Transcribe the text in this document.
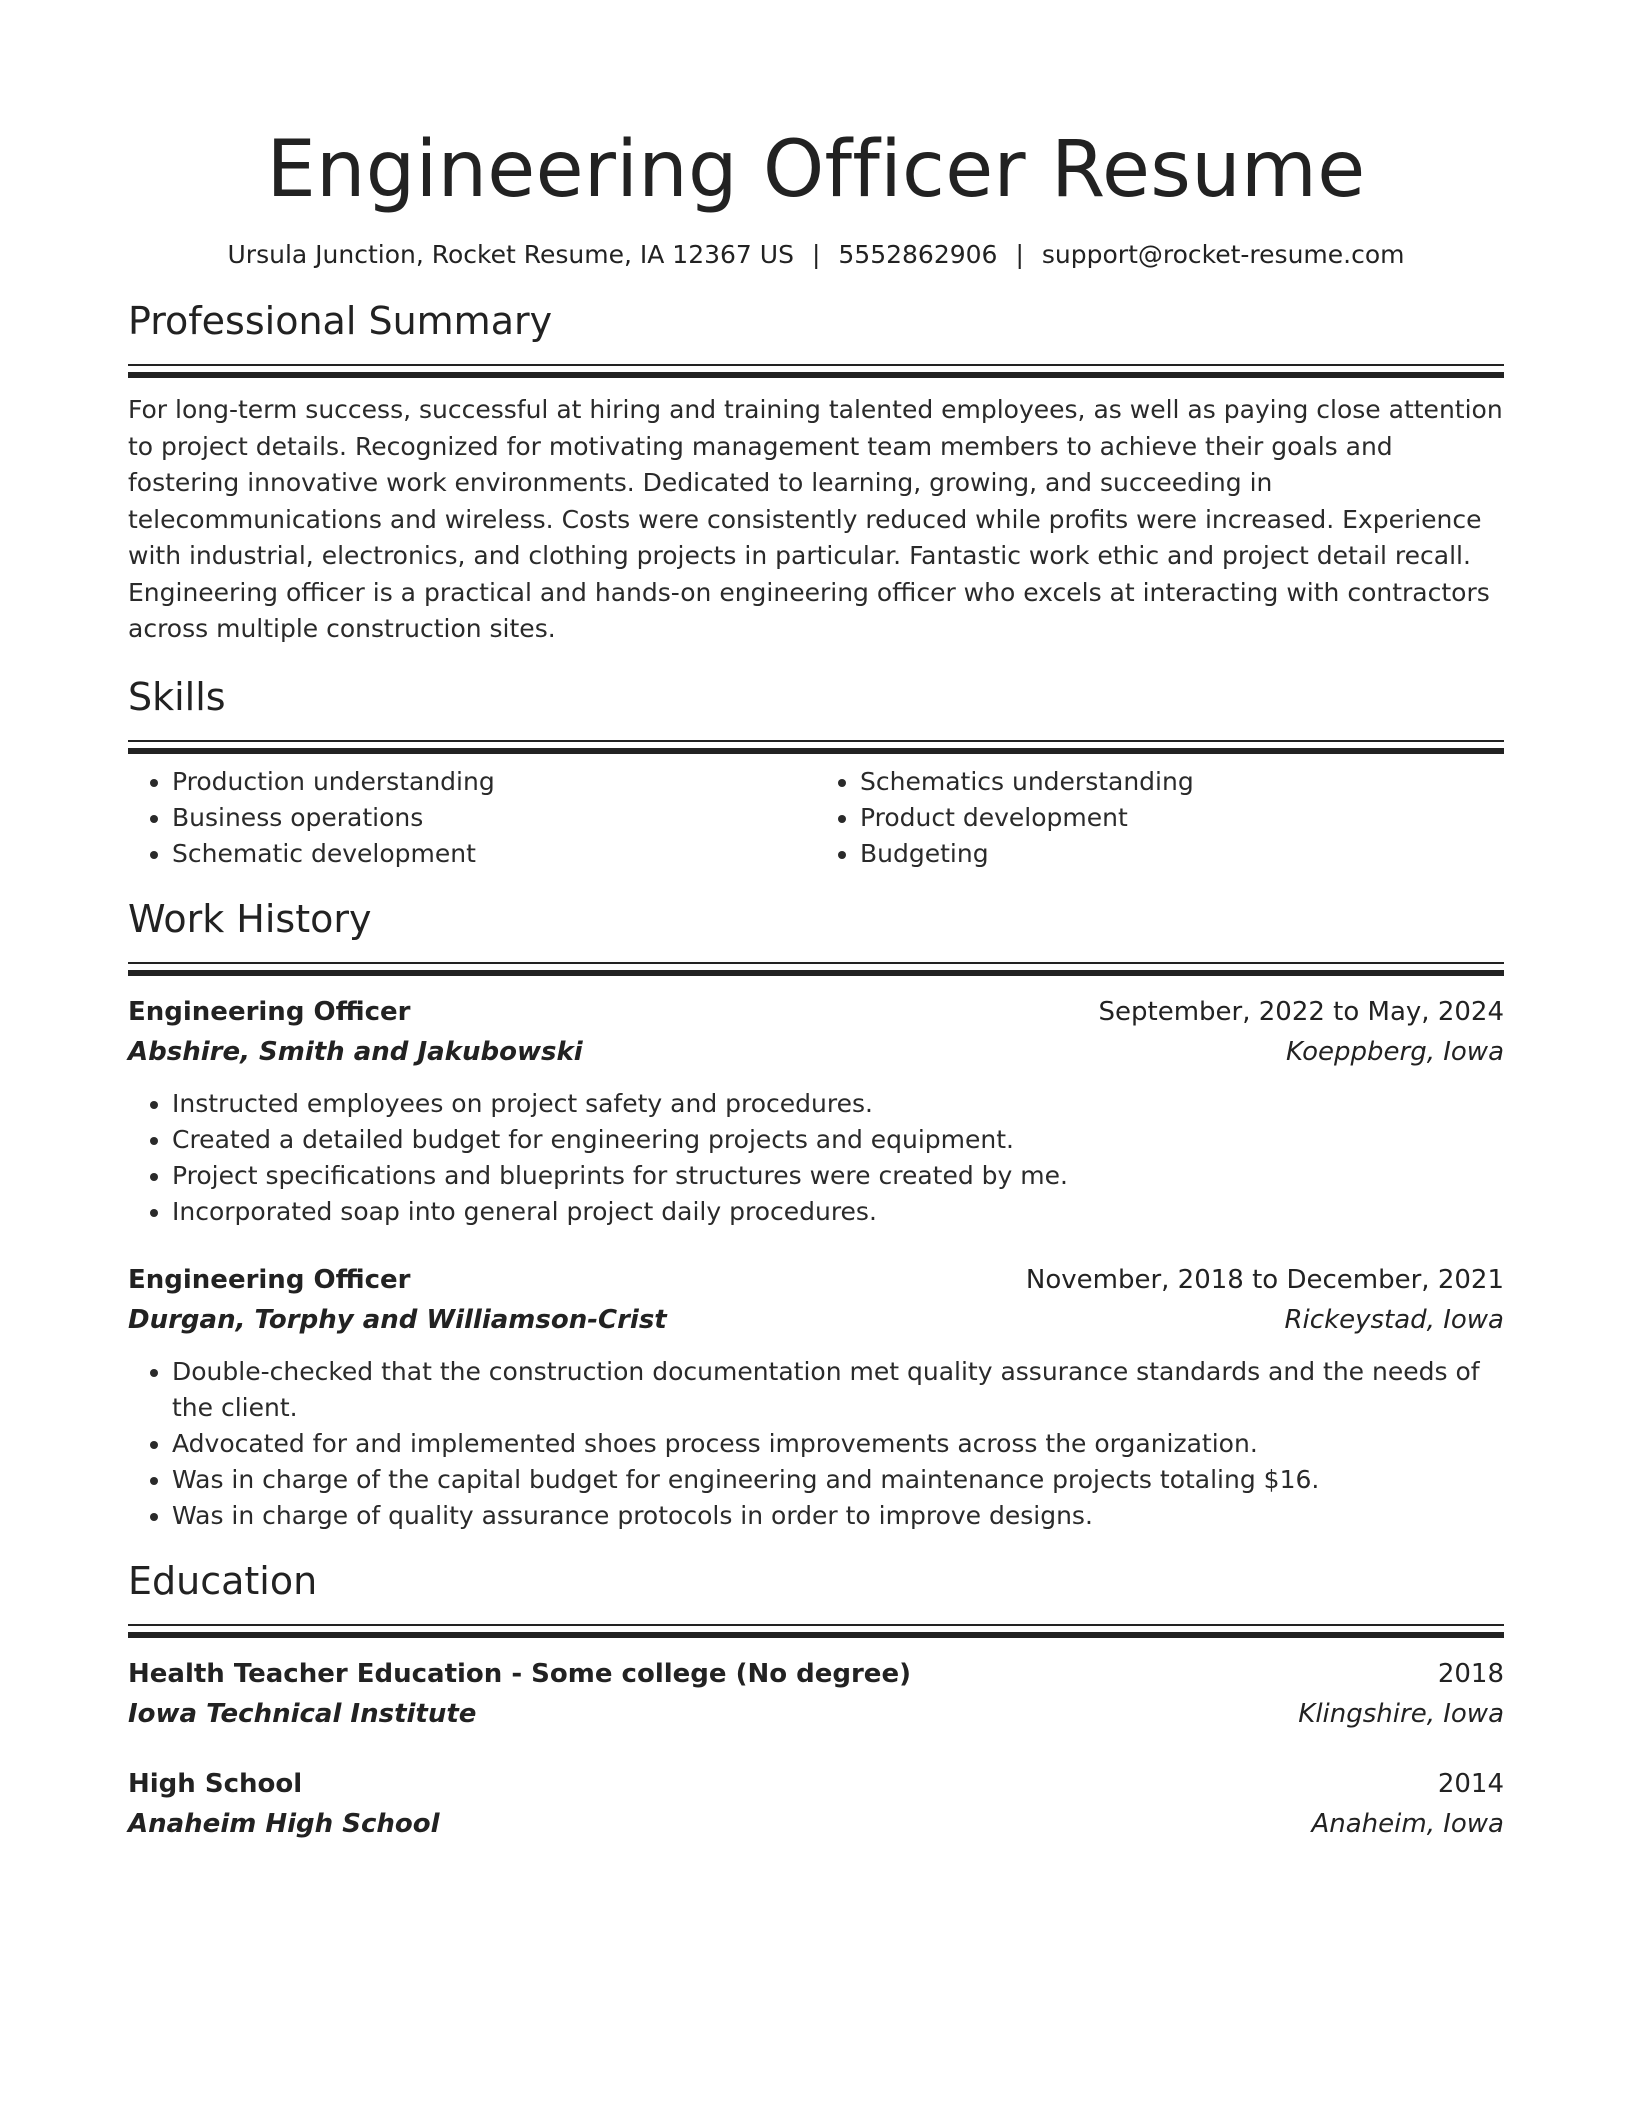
Engineering Officer Resume
Ursula Junction, Rocket Resume, IA 12367 US | 5552862906 | support@rocket-resume.com
Professional Summary

For long-term success, successful at hiring and training talented employees, as well as paying close attention to project details. Recognized for motivating management team members to achieve their goals and fostering innovative work environments. Dedicated to learning, growing, and succeeding in telecommunications and wireless. Costs were consistently reduced while profits were increased. Experience with industrial, electronics, and clothing projects in particular. Fantastic work ethic and project detail recall. Engineering officer is a practical and hands-on engineering officer who excels at interacting with contractors across multiple construction sites.

Skills
• Production understanding
• Business operations
• Schematic development
• Schematics understanding
• Product development
• Budgeting
Work History
Engineering Officer	September, 2022 to May, 2024
Abshire, Smith and Jakubowski	Koeppberg, Iowa
• Instructed employees on project safety and procedures.
• Created a detailed budget for engineering projects and equipment.
• Project specifications and blueprints for structures were created by me.
• Incorporated soap into general project daily procedures.
Engineering Officer	November, 2018 to December, 2021
Durgan, Torphy and Williamson-Crist	Rickeystad, Iowa
• Double-checked that the construction documentation met quality assurance standards and the needs of the client.
• Advocated for and implemented shoes process improvements across the organization.
• Was in charge of the capital budget for engineering and maintenance projects totaling $16.
• Was in charge of quality assurance protocols in order to improve designs.
Education
Health Teacher Education - Some college (No degree)	2018
Iowa Technical Institute	Klingshire, Iowa
High School	2014
Anaheim High School	Anaheim, Iowa
